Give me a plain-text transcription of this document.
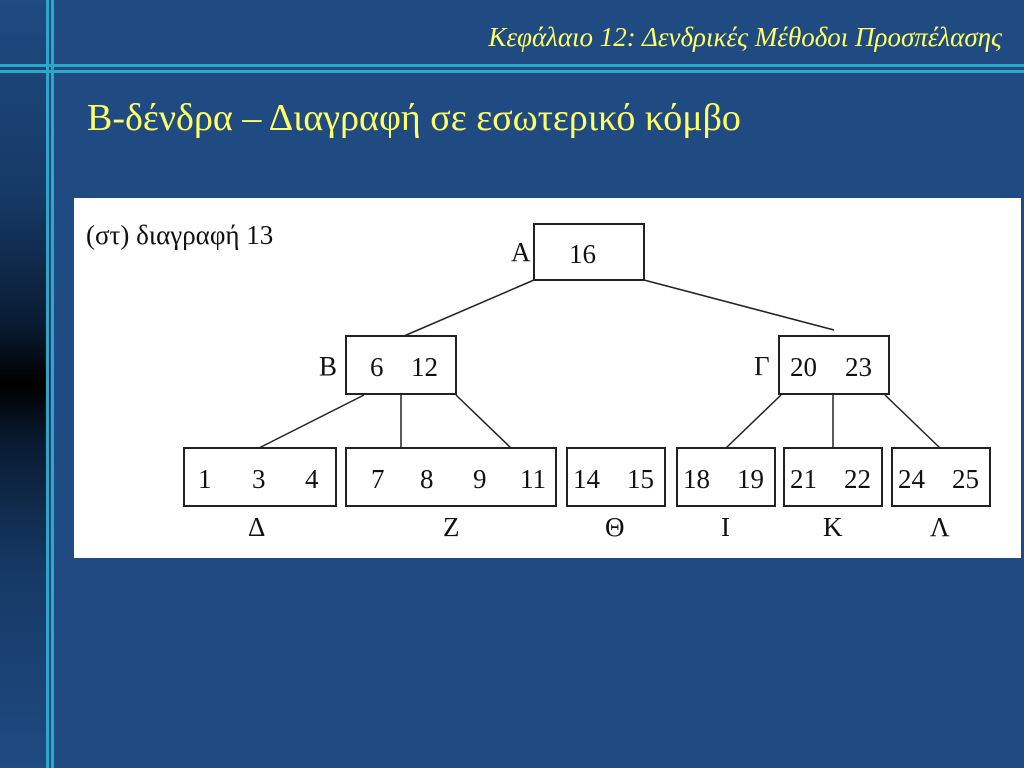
Κεφάλαιο 12: Δενδρικές Μέθοδοι Προσπέλασης
Β-δένδρα – Διαγραφή σε εσωτερικό κόμβο
(στ) διαγραφή 13
Α
Β	Γ
Δ	Ζ	Θ	Ι	Κ	Λ
16
6 12	20 23
1 3 4 7 8 9 11 14 15 18 19 21 22 24 25
